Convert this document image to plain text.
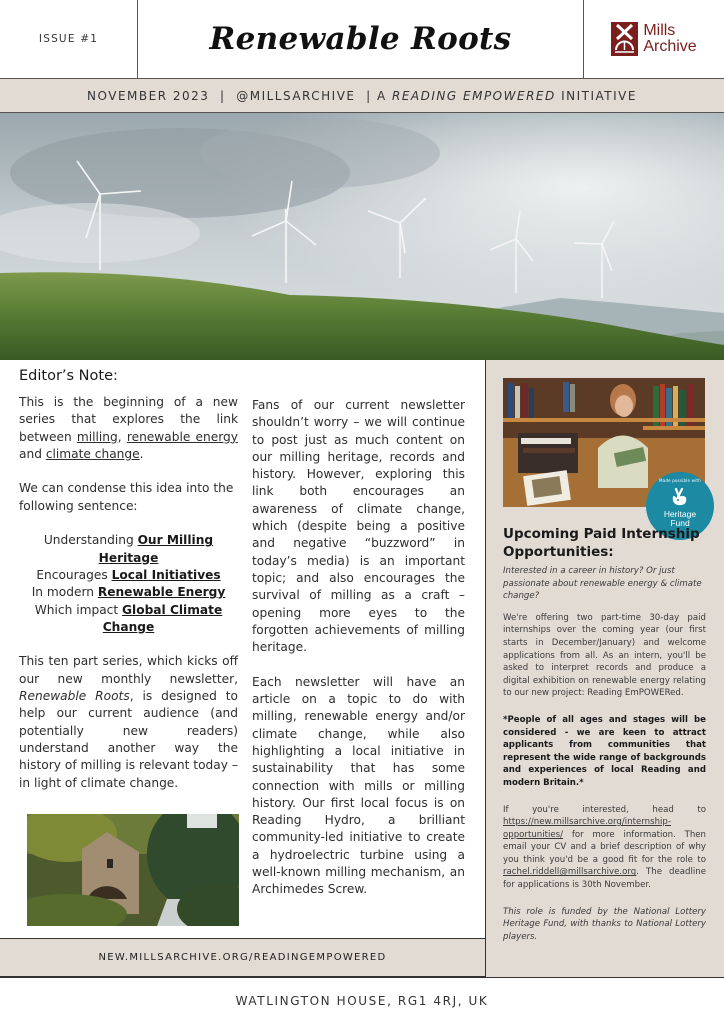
ISSUE #1	Renewable Roots	Mills
Archive
NOVEMBER 2023  |  @MILLSARCHIVE  | A READING EMPOWERED INITIATIVE
Editor’s Note:

This is the beginning of a new series that explores the link between milling, renewable energy and climate change.

We can condense this idea into the following sentence:

Understanding Our Milling Heritage
Encourages Local Initiatives
In modern Renewable Energy
Which impact Global Climate Change

This ten part series, which kicks off our new monthly newsletter, Renewable Roots, is designed to help our current audience (and potentially new readers) understand another way the history of milling is relevant today – in light of climate change.

Fans of our current newsletter shouldn’t worry – we will continue to post just as much content on our milling heritage, records and history. However, exploring this link both encourages an awareness of climate change, which (despite being a positive and negative “buzzword” in today’s media) is an important topic; and also encourages the survival of milling as a craft – opening more eyes to the forgotten achievements of milling heritage.

Each newsletter will have an article on a topic to do with milling, renewable energy and/or climate change, while also highlighting a local initiative in sustainability that has some connection with mills or milling history. Our first local focus is on Reading Hydro, a brilliant community-led initiative to create a hydroelectric turbine using a well-known milling mechanism, an Archimedes Screw.

NEW.MILLSARCHIVE.ORG/READINGEMPOWERED
Made possible with
Heritage
Fund
Upcoming Paid Internship Opportunities:

Interested in a career in history? Or just passionate about renewable energy & climate change?

We're offering two part-time 30-day paid internships over the coming year (our first starts in December/January) and welcome applications from all. As an intern, you'll be asked to interpret records and produce a digital exhibition on renewable energy relating to our new project: Reading EmPOWERed.

*People of all ages and stages will be considered - we are keen to attract applicants from communities that represent the wide range of backgrounds and experiences of local Reading and modern Britain.*

If you're interested, head to https://new.millsarchive.org/internship-opportunities/ for more information. Then email your CV and a brief description of why you think you'd be a good fit for the role to rachel.riddell@millsarchive.org. The deadline for applications is 30th November.

This role is funded by the National Lottery Heritage Fund, with thanks to National Lottery players.

WATLINGTON HOUSE, RG1 4RJ, UK
